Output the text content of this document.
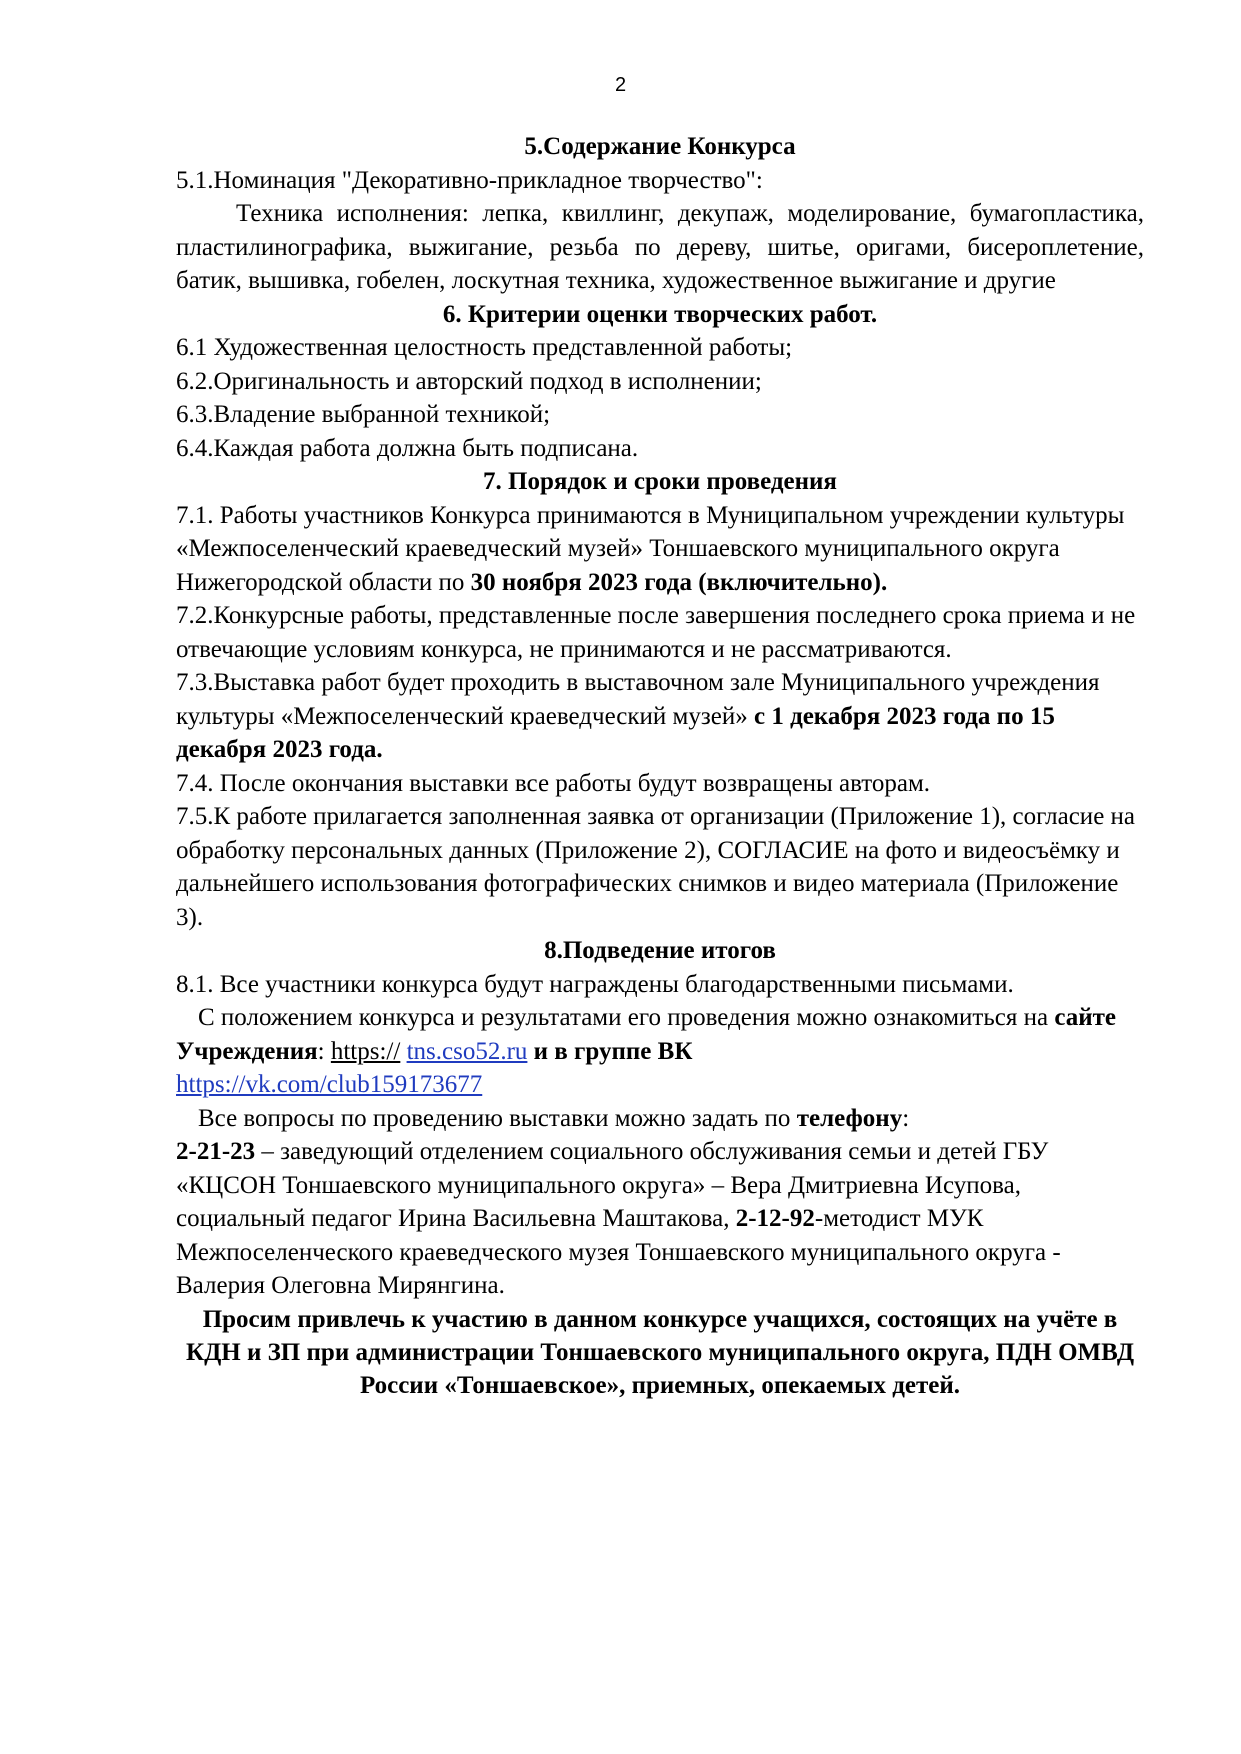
2

5.Содержание Конкурса

5.1.Номинация "Декоративно-прикладное творчество":

Техника исполнения: лепка, квиллинг, декупаж, моделирование, бумагопластика, пластилинографика, выжигание, резьба по дереву, шитье, оригами, бисероплетение, батик, вышивка, гобелен, лоскутная техника, художественное выжигание и другие

6. Критерии оценки творческих работ.

6.1 Художественная целостность представленной работы;

6.2.Оригинальность и авторский подход в исполнении;

6.3.Владение выбранной техникой;

6.4.Каждая работа должна быть подписана.

7. Порядок и сроки проведения

7.1. Работы участников Конкурса принимаются в Муниципальном учреждении культуры «Межпоселенческий краеведческий музей» Тоншаевского муниципального округа Нижегородской области по 30 ноября 2023 года (включительно).

7.2.Конкурсные работы, представленные после завершения последнего срока приема и не отвечающие условиям конкурса, не принимаются и не рассматриваются.

7.3.Выставка работ будет проходить в выставочном зале Муниципального учреждения культуры «Межпоселенческий краеведческий музей» с 1 декабря 2023 года по 15 декабря 2023 года.

7.4. После окончания выставки все работы будут возвращены авторам.

7.5.К работе прилагается заполненная заявка от организации (Приложение 1), согласие на обработку персональных данных (Приложение 2), СОГЛАСИЕ на фото и видеосъёмку и дальнейшего использования фотографических снимков и видео материала (Приложение 3).

8.Подведение итогов

8.1. Все участники конкурса будут награждены благодарственными письмами.

С положением конкурса и результатами его проведения можно ознакомиться на сайте Учреждения: https:// tns.cso52.ru и в группе ВК
https://vk.com/club159173677

Все вопросы по проведению выставки можно задать по телефону:

2-21-23 – заведующий отделением социального обслуживания семьи и детей ГБУ «КЦСОН Тоншаевского муниципального округа» – Вера Дмитриевна Исупова, социальный педагог Ирина Васильевна Маштакова, 2-12-92-методист МУК Межпоселенческого краеведческого музея Тоншаевского муниципального округа - Валерия Олеговна Мирянгина.

Просим привлечь к участию в данном конкурсе учащихся, состоящих на учёте в КДН и ЗП при администрации Тоншаевского муниципального округа, ПДН ОМВД России «Тоншаевское», приемных, опекаемых детей.
